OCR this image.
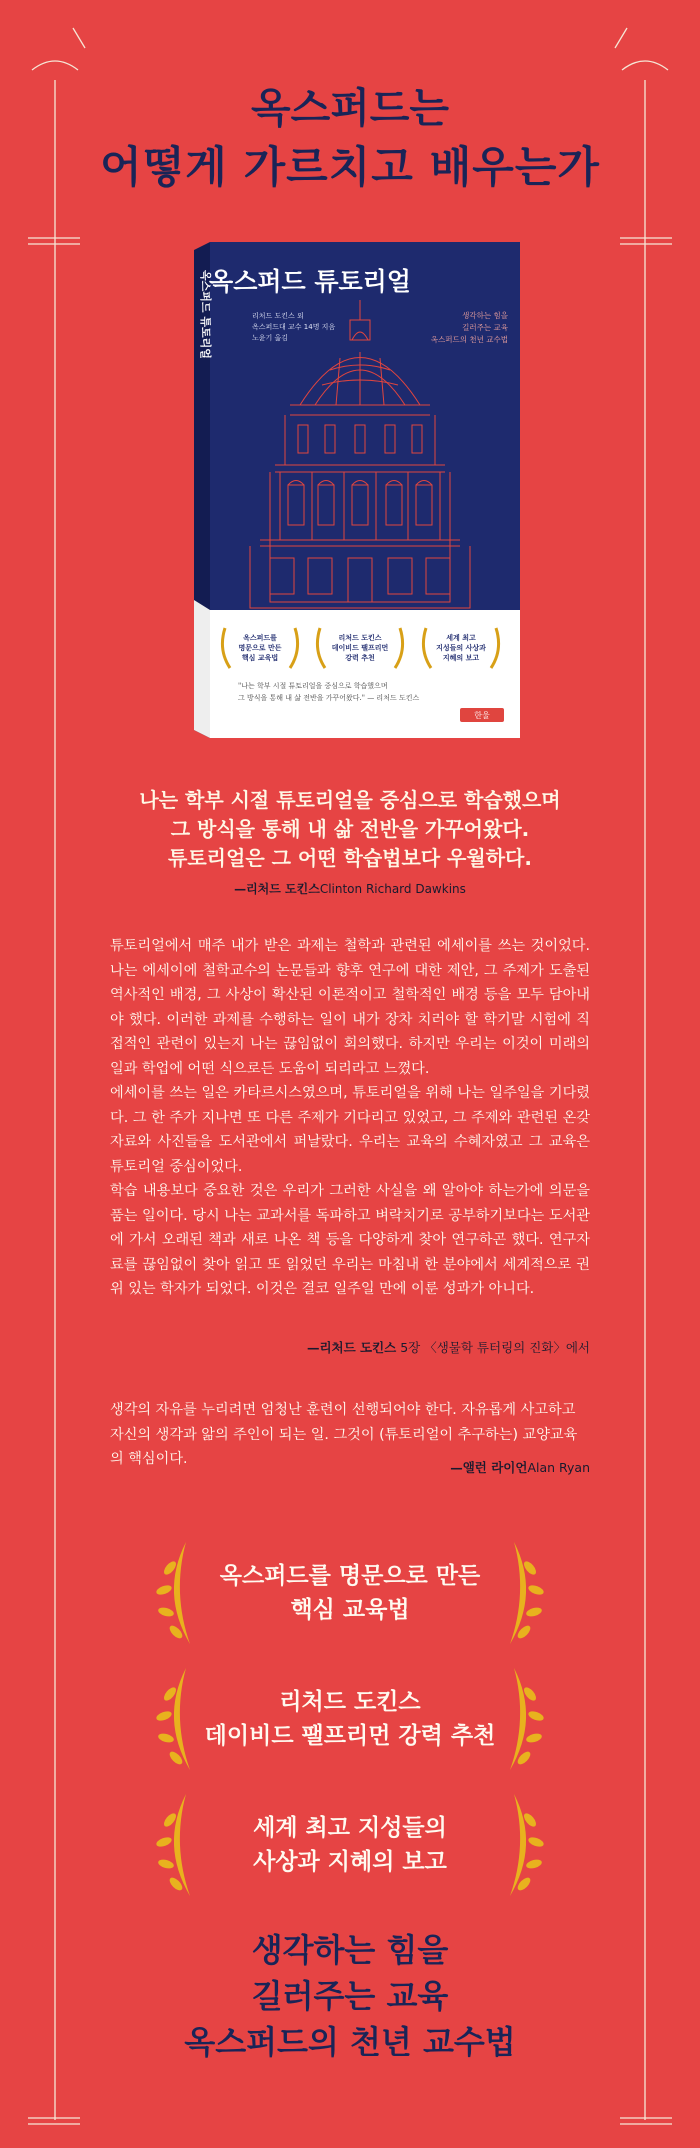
옥스퍼드는
어떻게 가르치고 배우는가
옥스퍼드 튜토리얼
옥스퍼드 튜토리얼
리처드 도킨스 외
옥스퍼드대 교수 14명 지음
노윤기 옮김
생각하는 힘을
길러주는 교육
옥스퍼드의 천년 교수법
옥스퍼드를
명문으로 만든
핵심 교육법
리처드 도킨스
데이비드 팰프리먼
강력 추천
세계 최고
지성들의 사상과
지혜의 보고
"나는 학부 시절 튜토리얼을 중심으로 학습했으며
그 방식을 통해 내 삶 전반을 가꾸어왔다." — 리처드 도킨스
한울
나는 학부 시절 튜토리얼을 중심으로 학습했으며
그 방식을 통해 내 삶 전반을 가꾸어왔다.
튜토리얼은 그 어떤 학습법보다 우월하다.
—리처드 도킨스Clinton Richard Dawkins

튜토리얼에서 매주 내가 받은 과제는 철학과 관련된 에세이를 쓰는 것이었다. 나는 에세이에 철학교수의 논문들과 향후 연구에 대한 제안, 그 주제가 도출된 역사적인 배경, 그 사상이 확산된 이론적이고 철학적인 배경 등을 모두 담아내야 했다. 이러한 과제를 수행하는 일이 내가 장차 치러야 할 학기말 시험에 직접적인 관련이 있는지 나는 끊임없이 회의했다. 하지만 우리는 이것이 미래의 일과 학업에 어떤 식으로든 도움이 되리라고 느꼈다.

에세이를 쓰는 일은 카타르시스였으며, 튜토리얼을 위해 나는 일주일을 기다렸다. 그 한 주가 지나면 또 다른 주제가 기다리고 있었고, 그 주제와 관련된 온갖 자료와 사진들을 도서관에서 퍼날랐다. 우리는 교육의 수혜자였고 그 교육은 튜토리얼 중심이었다.

학습 내용보다 중요한 것은 우리가 그러한 사실을 왜 알아야 하는가에 의문을 품는 일이다. 당시 나는 교과서를 독파하고 벼락치기로 공부하기보다는 도서관에 가서 오래된 책과 새로 나온 책 등을 다양하게 찾아 연구하곤 했다. 연구자료를 끊임없이 찾아 읽고 또 읽었던 우리는 마침내 한 분야에서 세계적으로 권위 있는 학자가 되었다. 이것은 결코 일주일 만에 이룬 성과가 아니다.

—리처드 도킨스 5장 〈생물학 튜터링의 진화〉에서
생각의 자유를 누리려면 엄청난 훈련이 선행되어야 한다. 자유롭게 사고하고 자신의 생각과 앎의 주인이 되는 일. 그것이 (튜토리얼이 추구하는) 교양교육의 핵심이다.
—앨런 라이언Alan Ryan
옥스퍼드를 명문으로 만든
핵심 교육법
리처드 도킨스
데이비드 팰프리먼 강력 추천
세계 최고 지성들의
사상과 지혜의 보고
생각하는 힘을
길러주는 교육
옥스퍼드의 천년 교수법
